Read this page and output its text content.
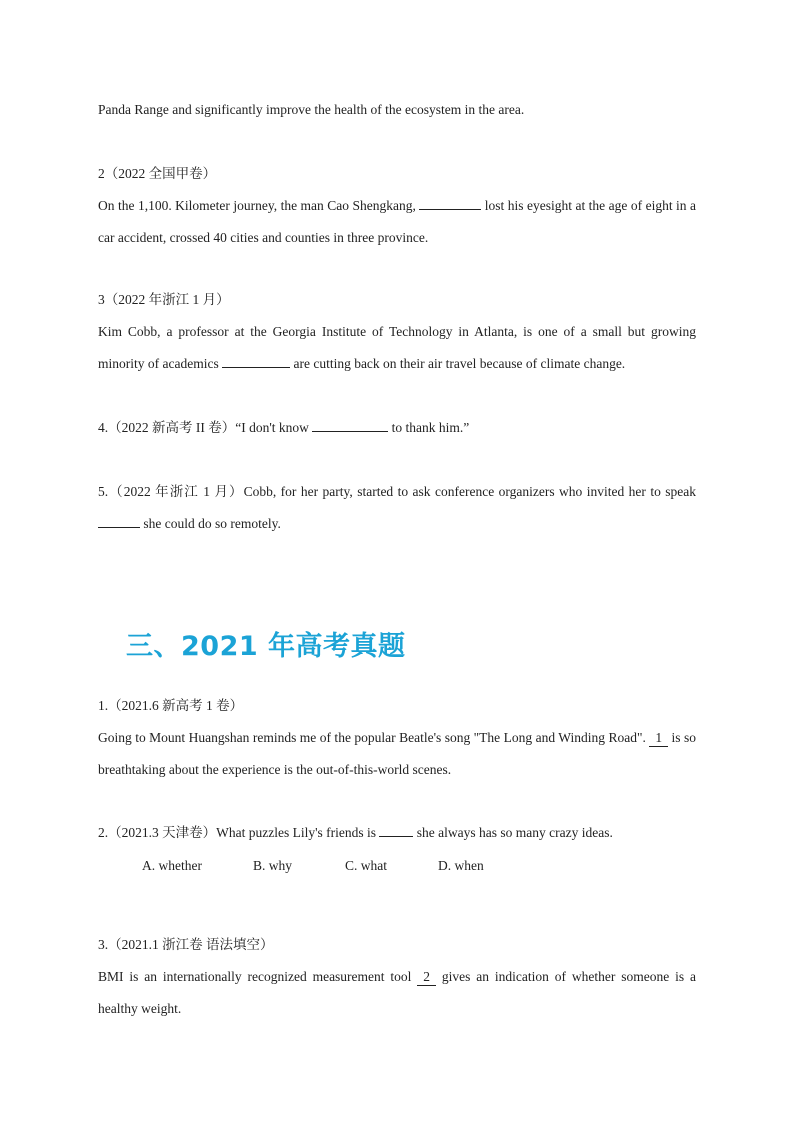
Panda Range and significantly improve the health of the ecosystem in the area.

2（2022 全国甲卷）

On the 1,100. Kilometer journey, the man Cao Shengkang,	lost his eyesight at the age of eight in a car accident, crossed 40 cities and counties in three province.

3（2022 年浙江 1 月）

Kim Cobb, a professor at the Georgia Institute of Technology in Atlanta, is one of a small but growing minority of academics	are cutting back on their air travel because of climate change.

4.（2022 新高考 II 卷）“I don't know	to thank him.”

5.（2022 年浙江 1 月）Cobb, for her party, started to ask conference organizers who invited her to speak  she could do so remotely.

三、2021 年高考真题

1.（2021.6 新高考 1 卷）

Going to Mount Huangshan reminds me of the popular Beatle's song "The Long and Winding Road". 1 is so breathtaking about the experience is the out-of-this-world scenes.

2.（2021.3 天津卷）What puzzles Lily's friends is	she always has so many crazy ideas.

A. whether	B. why	C. what	D. when

3.（2021.1 浙江卷 语法填空）

BMI is an internationally recognized measurement tool 2 gives an indication of whether someone is a healthy weight.
